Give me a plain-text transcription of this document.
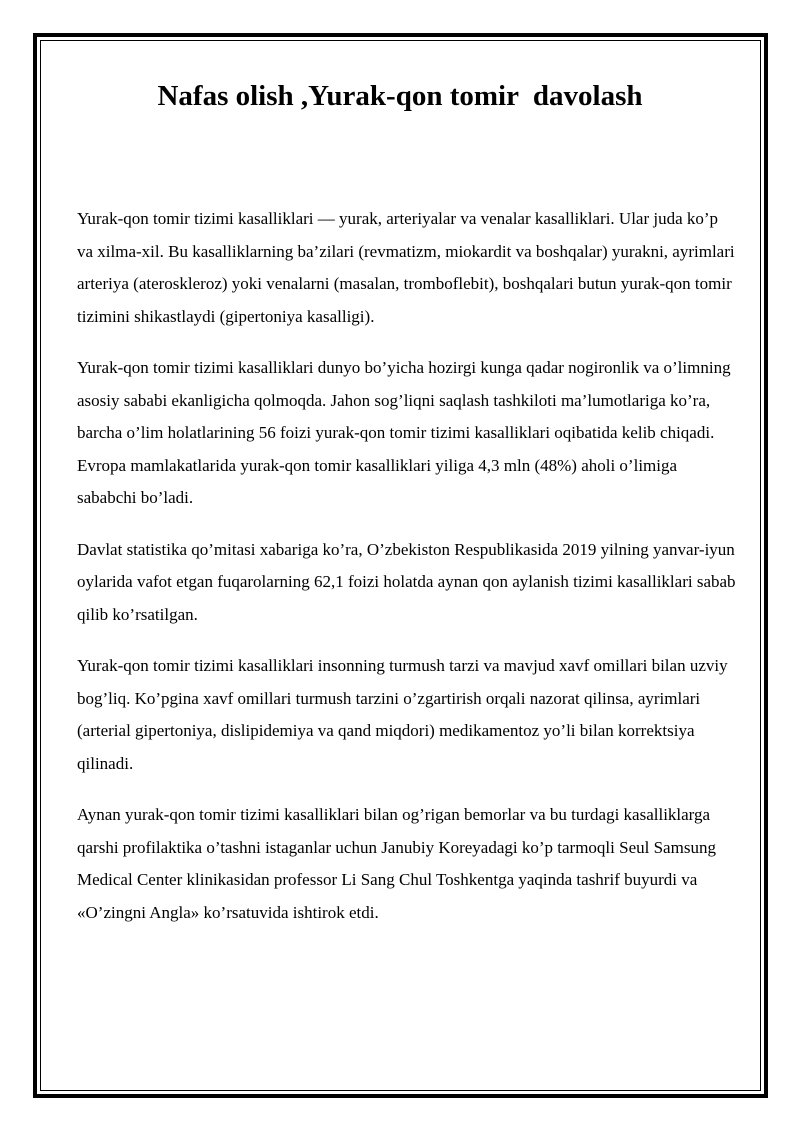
Nafas olish ,Yurak-qon tomir  davolash

Yurak-qon tomir tizimi kasalliklari — yurak, arteriyalar va venalar kasalliklari. Ular juda ko’p va xilma-xil. Bu kasalliklarning ba’zilari (revmatizm, miokardit va boshqalar) yurakni, ayrimlari arteriya (ateroskleroz) yoki venalarni (masalan, tromboflebit), boshqalari butun yurak-qon tomir tizimini shikastlaydi (gipertoniya kasalligi).

Yurak-qon tomir tizimi kasalliklari dunyo bo’yicha hozirgi kunga qadar nogironlik va o’limning asosiy sababi ekanligicha qolmoqda. Jahon sog’liqni saqlash tashkiloti ma’lumotlariga ko’ra, barcha o’lim holatlarining 56 foizi yurak-qon tomir tizimi kasalliklari oqibatida kelib chiqadi. Evropa mamlakatlarida yurak-qon tomir kasalliklari yiliga 4,3 mln (48%) aholi o’limiga sababchi bo’ladi.

Davlat statistika qo’mitasi xabariga ko’ra, O’zbekiston Respublikasida 2019 yilning yanvar-iyun oylarida vafot etgan fuqarolarning 62,1 foizi holatda aynan qon aylanish tizimi kasalliklari sabab qilib ko’rsatilgan.

Yurak-qon tomir tizimi kasalliklari insonning turmush tarzi va mavjud xavf omillari bilan uzviy bog’liq. Ko’pgina xavf omillari turmush tarzini o’zgartirish orqali nazorat qilinsa, ayrimlari (arterial gipertoniya, dislipidemiya va qand miqdori) medikamentoz yo’li bilan korrektsiya qilinadi.

Aynan yurak-qon tomir tizimi kasalliklari bilan og’rigan bemorlar va bu turdagi kasalliklarga qarshi profilaktika o’tashni istaganlar uchun Janubiy Koreyadagi ko’p tarmoqli Seul Samsung Medical Center klinikasidan professor Li Sang Chul Toshkentga yaqinda tashrif buyurdi va «O’zingni Angla» ko’rsatuvida ishtirok etdi.
